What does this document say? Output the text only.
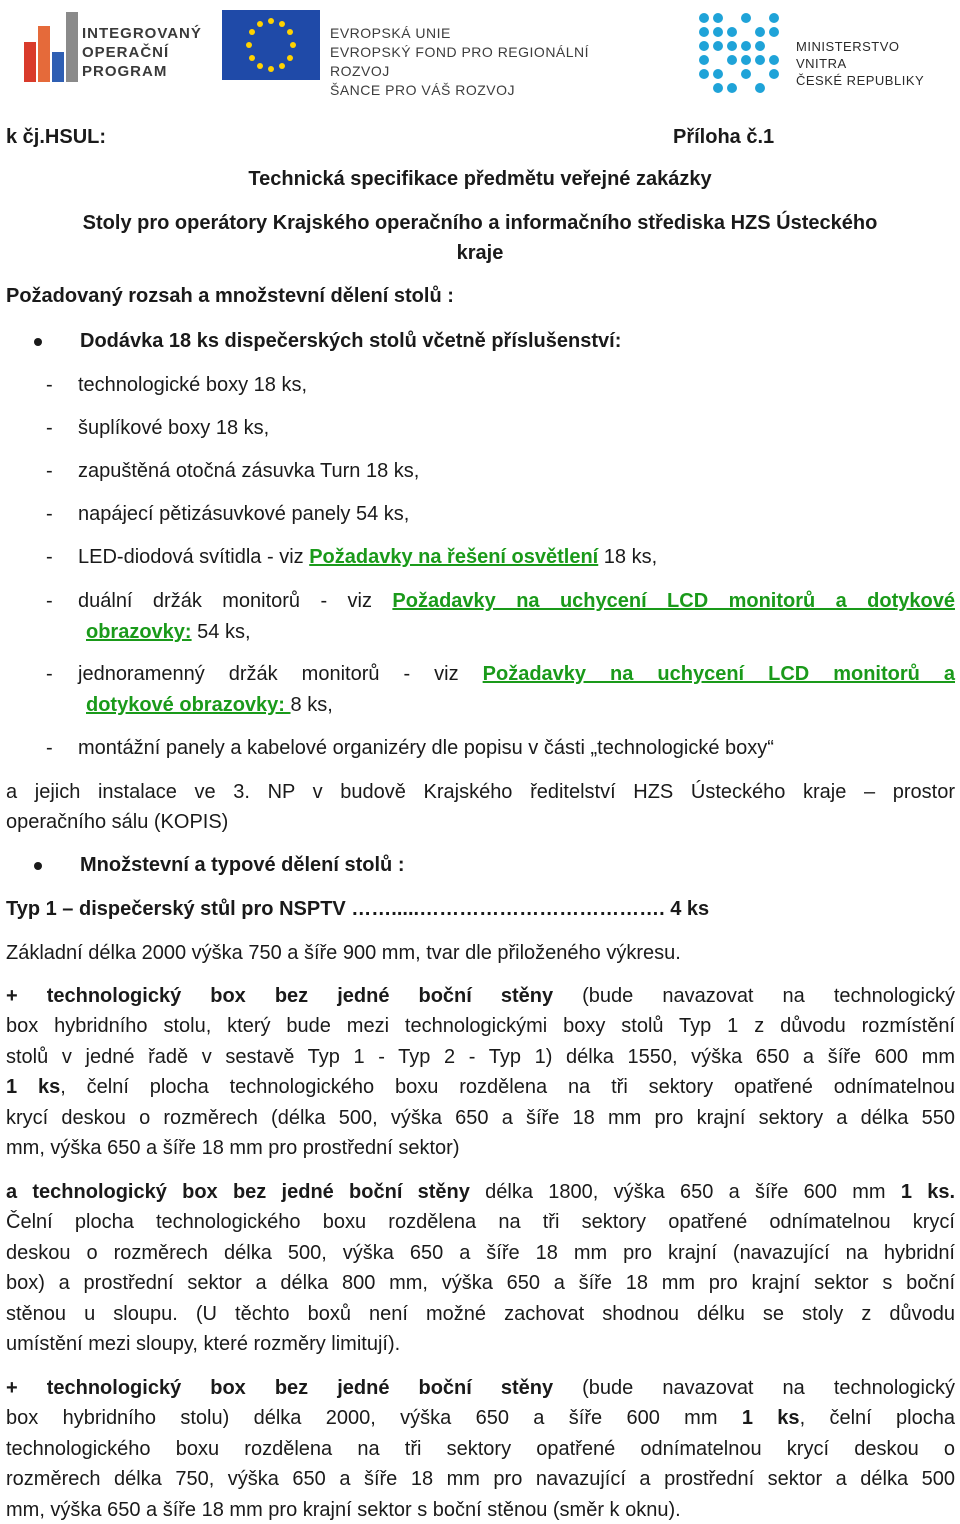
INTEGROVANÝ
OPERAČNÍ
PROGRAM
EVROPSKÁ UNIE
EVROPSKÝ FOND PRO REGIONÁLNÍ ROZVOJ
ŠANCE PRO VÁŠ ROZVOJ
MINISTERSTVO VNITRA
ČESKÉ REPUBLIKY
k čj.HSUL:	Příloha č.1
Technická specifikace předmětu veřejné zakázky
Stoly pro operátory Krajského operačního a informačního střediska HZS Ústeckého
kraje
Požadovaný rozsah a množstevní dělení stolů :
Dodávka 18 ks dispečerských stolů včetně příslušenství:
- technologické boxy 18 ks,
- šuplíkové boxy 18 ks,
- zapuštěná otočná zásuvka Turn 18 ks,
- napájecí pětizásuvkové panely 54 ks,
- LED-diodová svítidla - viz Požadavky na řešení osvětlení 18 ks,
- duální držák monitorů - viz Požadavky na uchycení LCD monitorů a dotykové
obrazovky: 54 ks,
- jednoramenný držák monitorů - viz Požadavky na uchycení LCD monitorů a
dotykové obrazovky: 8 ks,
- montážní panely a kabelové organizéry dle popisu v části „technologické boxy“
a jejich instalace ve 3. NP v budově Krajského ředitelství HZS Ústeckého kraje – prostor
operačního sálu (KOPIS)
Množstevní a typové dělení stolů :
Typ 1 – dispečerský stůl pro NSPTV …….....………………………………. 4 ks
Základní délka 2000 výška 750 a šíře 900 mm, tvar dle přiloženého výkresu.
+ technologický box bez jedné boční stěny (bude navazovat na technologický
box hybridního stolu, který bude mezi technologickými boxy stolů Typ 1 z důvodu rozmístění
stolů v jedné řadě v sestavě Typ 1 - Typ 2 - Typ 1) délka 1550, výška 650 a šíře 600 mm
1 ks, čelní plocha technologického boxu rozdělena na tři sektory opatřené odnímatelnou
krycí deskou o rozměrech (délka 500, výška 650 a šíře 18 mm pro krajní sektory a délka 550
mm, výška 650 a šíře 18 mm pro prostřední sektor)
a technologický box bez jedné boční stěny délka 1800, výška 650 a šíře 600 mm 1 ks.
Čelní plocha technologického boxu rozdělena na tři sektory opatřené odnímatelnou krycí
deskou o rozměrech délka 500, výška 650 a šíře 18 mm pro krajní (navazující na hybridní
box) a prostřední sektor a délka 800 mm, výška 650 a šíře 18 mm pro krajní sektor s boční
stěnou u sloupu. (U těchto boxů není možné zachovat shodnou délku se stoly z důvodu
umístění mezi sloupy, které rozměry limitují).
+ technologický box bez jedné boční stěny (bude navazovat na technologický
box hybridního stolu) délka 2000, výška 650 a šíře 600 mm 1 ks, čelní plocha
technologického boxu rozdělena na tři sektory opatřené odnímatelnou krycí deskou o
rozměrech délka 750, výška 650 a šíře 18 mm pro navazující a prostřední sektor a délka 500
mm, výška 650 a šíře 18 mm pro krajní sektor s boční stěnou (směr k oknu).
